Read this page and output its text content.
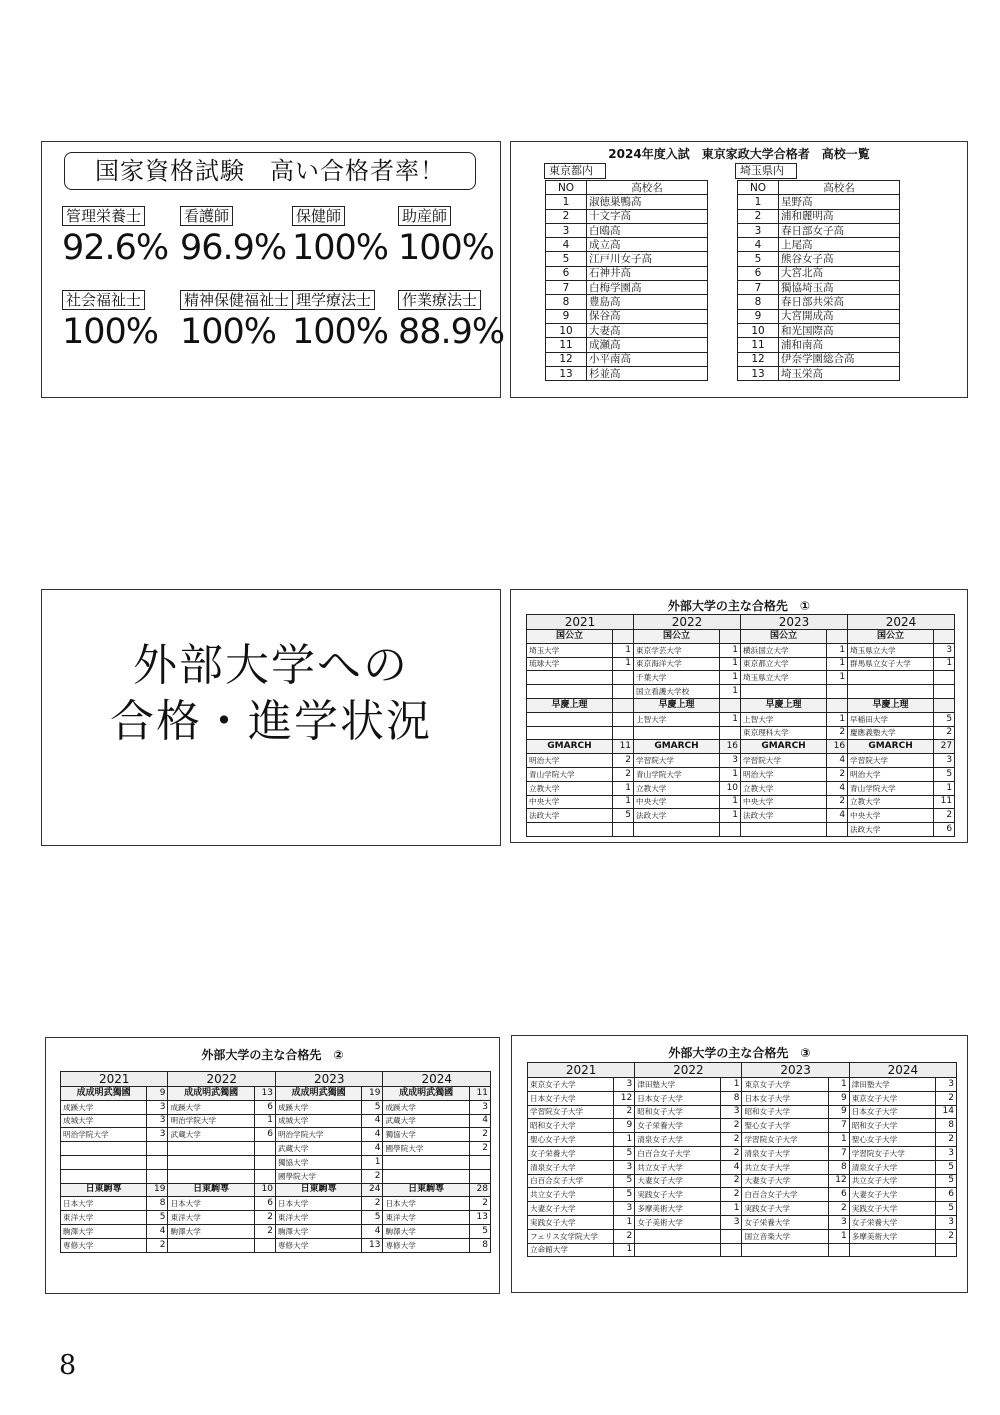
国家資格試験　高い合格者率！
管理栄養士
92.6%
看護師
96.9%
保健師
100%
助産師
100%
社会福祉士
100%
精神保健福祉士
100%
理学療法士
100%
作業療法士
88.9%
2024年度入試　東京家政大学合格者　高校一覧
東京都内	埼玉県内
NO	高校名
1	淑徳巣鴨高
2	十文字高
3	白鴎高
4	成立高
5	江戸川女子高
6	石神井高
7	白梅学園高
8	豊島高
9	保谷高
10	大妻高
11	成瀬高
12	小平南高
13	杉並高
NO	高校名
1	星野高
2	浦和麗明高
3	春日部女子高
4	上尾高
5	熊谷女子高
6	大宮北高
7	獨協埼玉高
8	春日部共栄高
9	大宮開成高
10	和光国際高
11	浦和南高
12	伊奈学園総合高
13	埼玉栄高
外部大学への
合格・進学状況
外部大学の主な合格先　①
2021		2022		2023		2024	
国公立		国公立		国公立		国公立	
埼玉大学	1	東京学芸大学	1	横浜国立大学	1	埼玉県立大学	3
琉球大学	1	東京海洋大学	1	東京都立大学	1	群馬県立女子大学	1
		千葉大学	1	埼玉県立大学	1		
		国立看護大学校	1				
早慶上理		早慶上理		早慶上理		早慶上理	
		上智大学	1	上智大学	1	早稲田大学	5
				東京理科大学	2	慶應義塾大学	2
GMARCH	11	GMARCH	16	GMARCH	16	GMARCH	27
明治大学	2	学習院大学	3	学習院大学	4	学習院大学	3
青山学院大学	2	青山学院大学	1	明治大学	2	明治大学	5
立教大学	1	立教大学	10	立教大学	4	青山学院大学	1
中央大学	1	中央大学	1	中央大学	2	立教大学	11
法政大学	5	法政大学	1	法政大学	4	中央大学	2
						法政大学	6
外部大学の主な合格先　②
2021		2022		2023		2024	
成成明武獨國	9	成成明武獨國	13	成成明武獨國	19	成成明武獨國	11
成蹊大学	3	成蹊大学	6	成蹊大学	5	成蹊大学	3
成城大学	3	明治学院大学	1	成城大学	4	武蔵大学	4
明治学院大学	3	武蔵大学	6	明治学院大学	4	獨協大学	2
				武蔵大学	4	國學院大学	2
				獨協大学	1		
				國學院大学	2		
日東駒専	19	日東駒専	10	日東駒専	24	日東駒専	28
日本大学	8	日本大学	6	日本大学	2	日本大学	2
東洋大学	5	東洋大学	2	東洋大学	5	東洋大学	13
駒澤大学	4	駒澤大学	2	駒澤大学	4	駒澤大学	5
専修大学	2			専修大学	13	専修大学	8
外部大学の主な合格先　③
2021		2022		2023		2024	
東京女子大学	3	津田塾大学	1	東京女子大学	1	津田塾大学	3
日本女子大学	12	日本女子大学	8	日本女子大学	9	東京女子大学	2
学習院女子大学	2	昭和女子大学	3	昭和女子大学	9	日本女子大学	14
昭和女子大学	9	女子栄養大学	2	聖心女子大学	7	昭和女子大学	8
聖心女子大学	1	清泉女子大学	2	学習院女子大学	1	聖心女子大学	2
女子栄養大学	5	白百合女子大学	2	清泉女子大学	7	学習院女子大学	3
清泉女子大学	3	共立女子大学	4	共立女子大学	8	清泉女子大学	5
白百合女子大学	5	大妻女子大学	2	大妻女子大学	12	共立女子大学	5
共立女子大学	5	実践女子大学	2	白百合女子大学	6	大妻女子大学	6
大妻女子大学	3	多摩美術大学	1	実践女子大学	2	実践女子大学	5
実践女子大学	1	女子美術大学	3	女子栄養大学	3	女子栄養大学	3
フェリス女学院大学	2			国立音楽大学	1	多摩美術大学	2
立命館大学	1						
8
